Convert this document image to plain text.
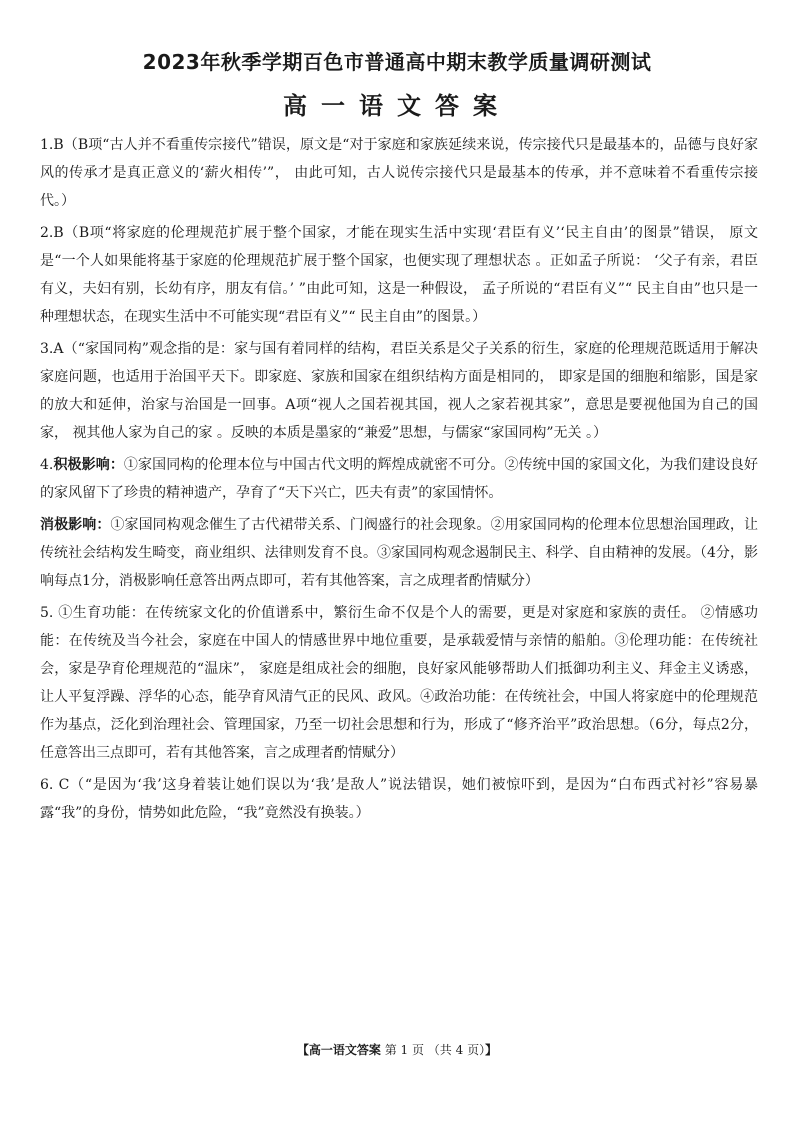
2023年秋季学期百色市普通高中期末教学质量调研测试
高一语文答案

1.B（B项“古人并不看重传宗接代”错误，原文是“对于家庭和家族延续来说，传宗接代只是最基本的，品德与良好家风的传承才是真正意义的‘薪火相传’”， 由此可知，古人说传宗接代只是最基本的传承，并不意味着不看重传宗接代。）

2.B（B项“将家庭的伦理规范扩展于整个国家，才能在现实生活中实现‘君臣有义’‘民主自由’的图景”错误， 原文是“一个人如果能将基于家庭的伦理规范扩展于整个国家，也便实现了理想状态 。正如孟子所说： ‘父子有亲，君臣有义，夫妇有别，长幼有序，朋友有信。’ ”由此可知，这是一种假设， 孟子所说的“君臣有义”“ 民主自由”也只是一种理想状态，在现实生活中不可能实现“君臣有义”“ 民主自由”的图景。）

3.A（“家国同构”观念指的是：家与国有着同样的结构，君臣关系是父子关系的衍生，家庭的伦理规范既适用于解决家庭问题，也适用于治国平天下。即家庭、家族和国家在组织结构方面是相同的， 即家是国的细胞和缩影，国是家的放大和延伸，治家与治国是一回事。A项“视人之国若视其国，视人之家若视其家”，意思是要视他国为自己的国家， 视其他人家为自己的家 。反映的本质是墨家的“兼爱”思想，与儒家“家国同构”无关 。）

4.积极影响：①家国同构的伦理本位与中国古代文明的辉煌成就密不可分。②传统中国的家国文化，为我们建设良好的家风留下了珍贵的精神遗产，孕育了“天下兴亡，匹夫有责”的家国情怀。

消极影响：①家国同构观念催生了古代裙带关系、门阀盛行的社会现象。②用家国同构的伦理本位思想治国理政，让传统社会结构发生畸变，商业组织、法律则发育不良。③家国同构观念遏制民主、科学、自由精神的发展。（4分，影响每点1分，消极影响任意答出两点即可，若有其他答案，言之成理者酌情赋分）

5. ①生育功能：在传统家文化的价值谱系中，繁衍生命不仅是个人的需要，更是对家庭和家族的责任。 ②情感功能：在传统及当今社会，家庭在中国人的情感世界中地位重要，是承载爱情与亲情的船舶。③伦理功能：在传统社会，家是孕育伦理规范的“温床”， 家庭是组成社会的细胞，良好家风能够帮助人们抵御功利主义、拜金主义诱惑，让人平复浮躁、浮华的心态，能孕育风清气正的民风、政风。④政治功能：在传统社会，中国人将家庭中的伦理规范作为基点，泛化到治理社会、管理国家，乃至一切社会思想和行为，形成了“修齐治平”政治思想。（6分，每点2分，任意答出三点即可，若有其他答案，言之成理者酌情赋分）

6. C（“是因为‘我’这身着装让她们误以为‘我’是敌人”说法错误，她们被惊吓到，是因为“白布西式衬衫”容易暴露“我”的身份，情势如此危险，“我”竟然没有换装。）

【高一语文答案 第 1 页 （共 4 页）】
